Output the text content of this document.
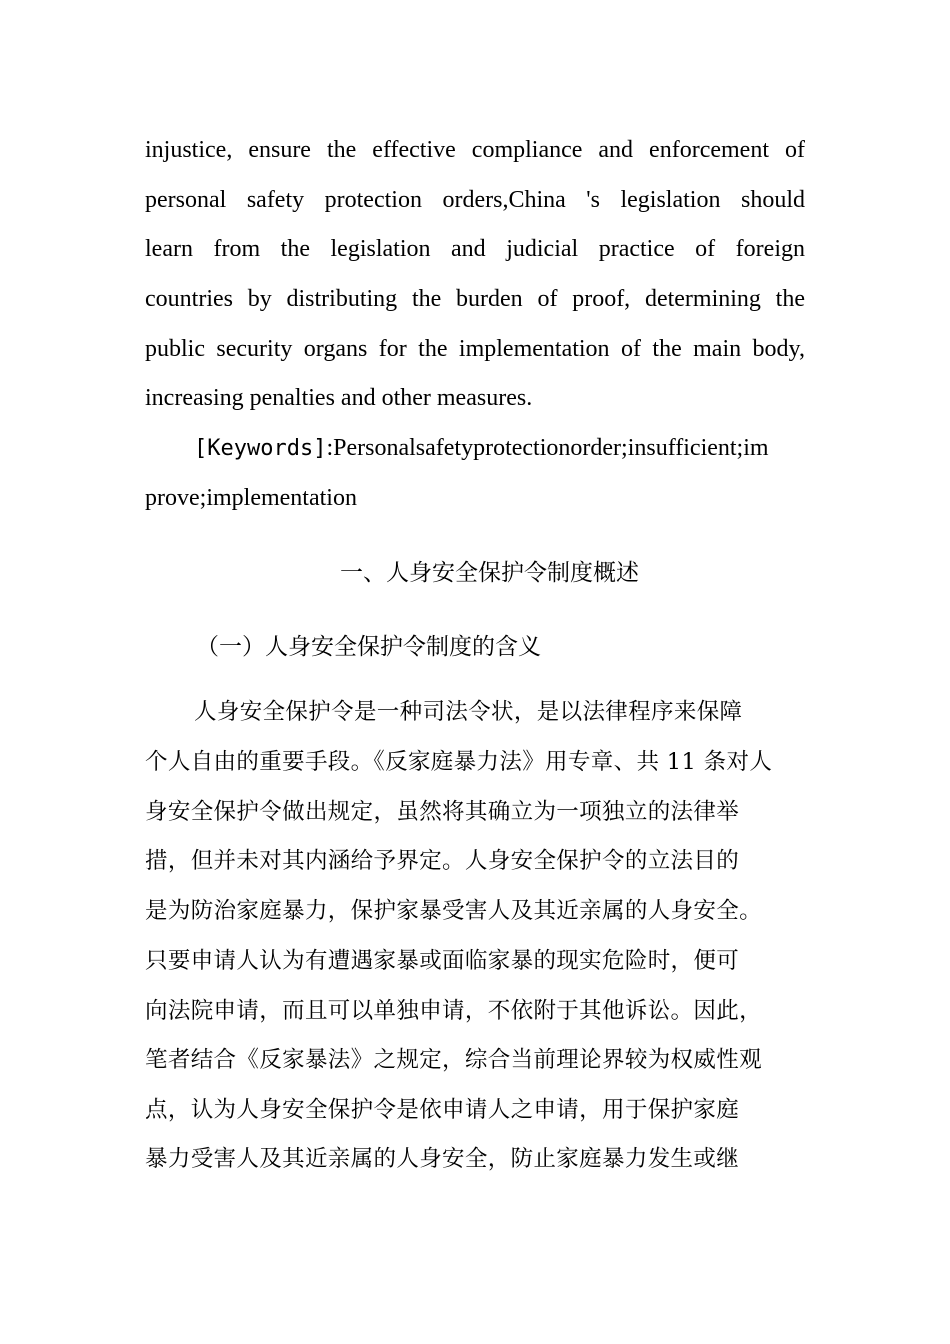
injustice, ensure the effective compliance and enforcement of
personal safety protection orders,China 's legislation should
learn from the legislation and judicial practice of foreign
countries by distributing the burden of proof, determining the
public security organs for the implementation of the main body,
increasing penalties and other measures.
[Keywords]:Personalsafetyprotectionorder;insufficient;im
prove;implementation
一、人身安全保护令制度概述
（一）人身安全保护令制度的含义
人身安全保护令是一种司法令状，是以法律程序来保障
个人自由的重要手段。《反家庭暴力法》用专章、共 11 条对人
身安全保护令做出规定，虽然将其确立为一项独立的法律举
措，但并未对其内涵给予界定。人身安全保护令的立法目的
是为防治家庭暴力，保护家暴受害人及其近亲属的人身安全。
只要申请人认为有遭遇家暴或面临家暴的现实危险时，便可
向法院申请，而且可以单独申请，不依附于其他诉讼。因此，
笔者结合《反家暴法》之规定，综合当前理论界较为权威性观
点，认为人身安全保护令是依申请人之申请，用于保护家庭
暴力受害人及其近亲属的人身安全，防止家庭暴力发生或继
